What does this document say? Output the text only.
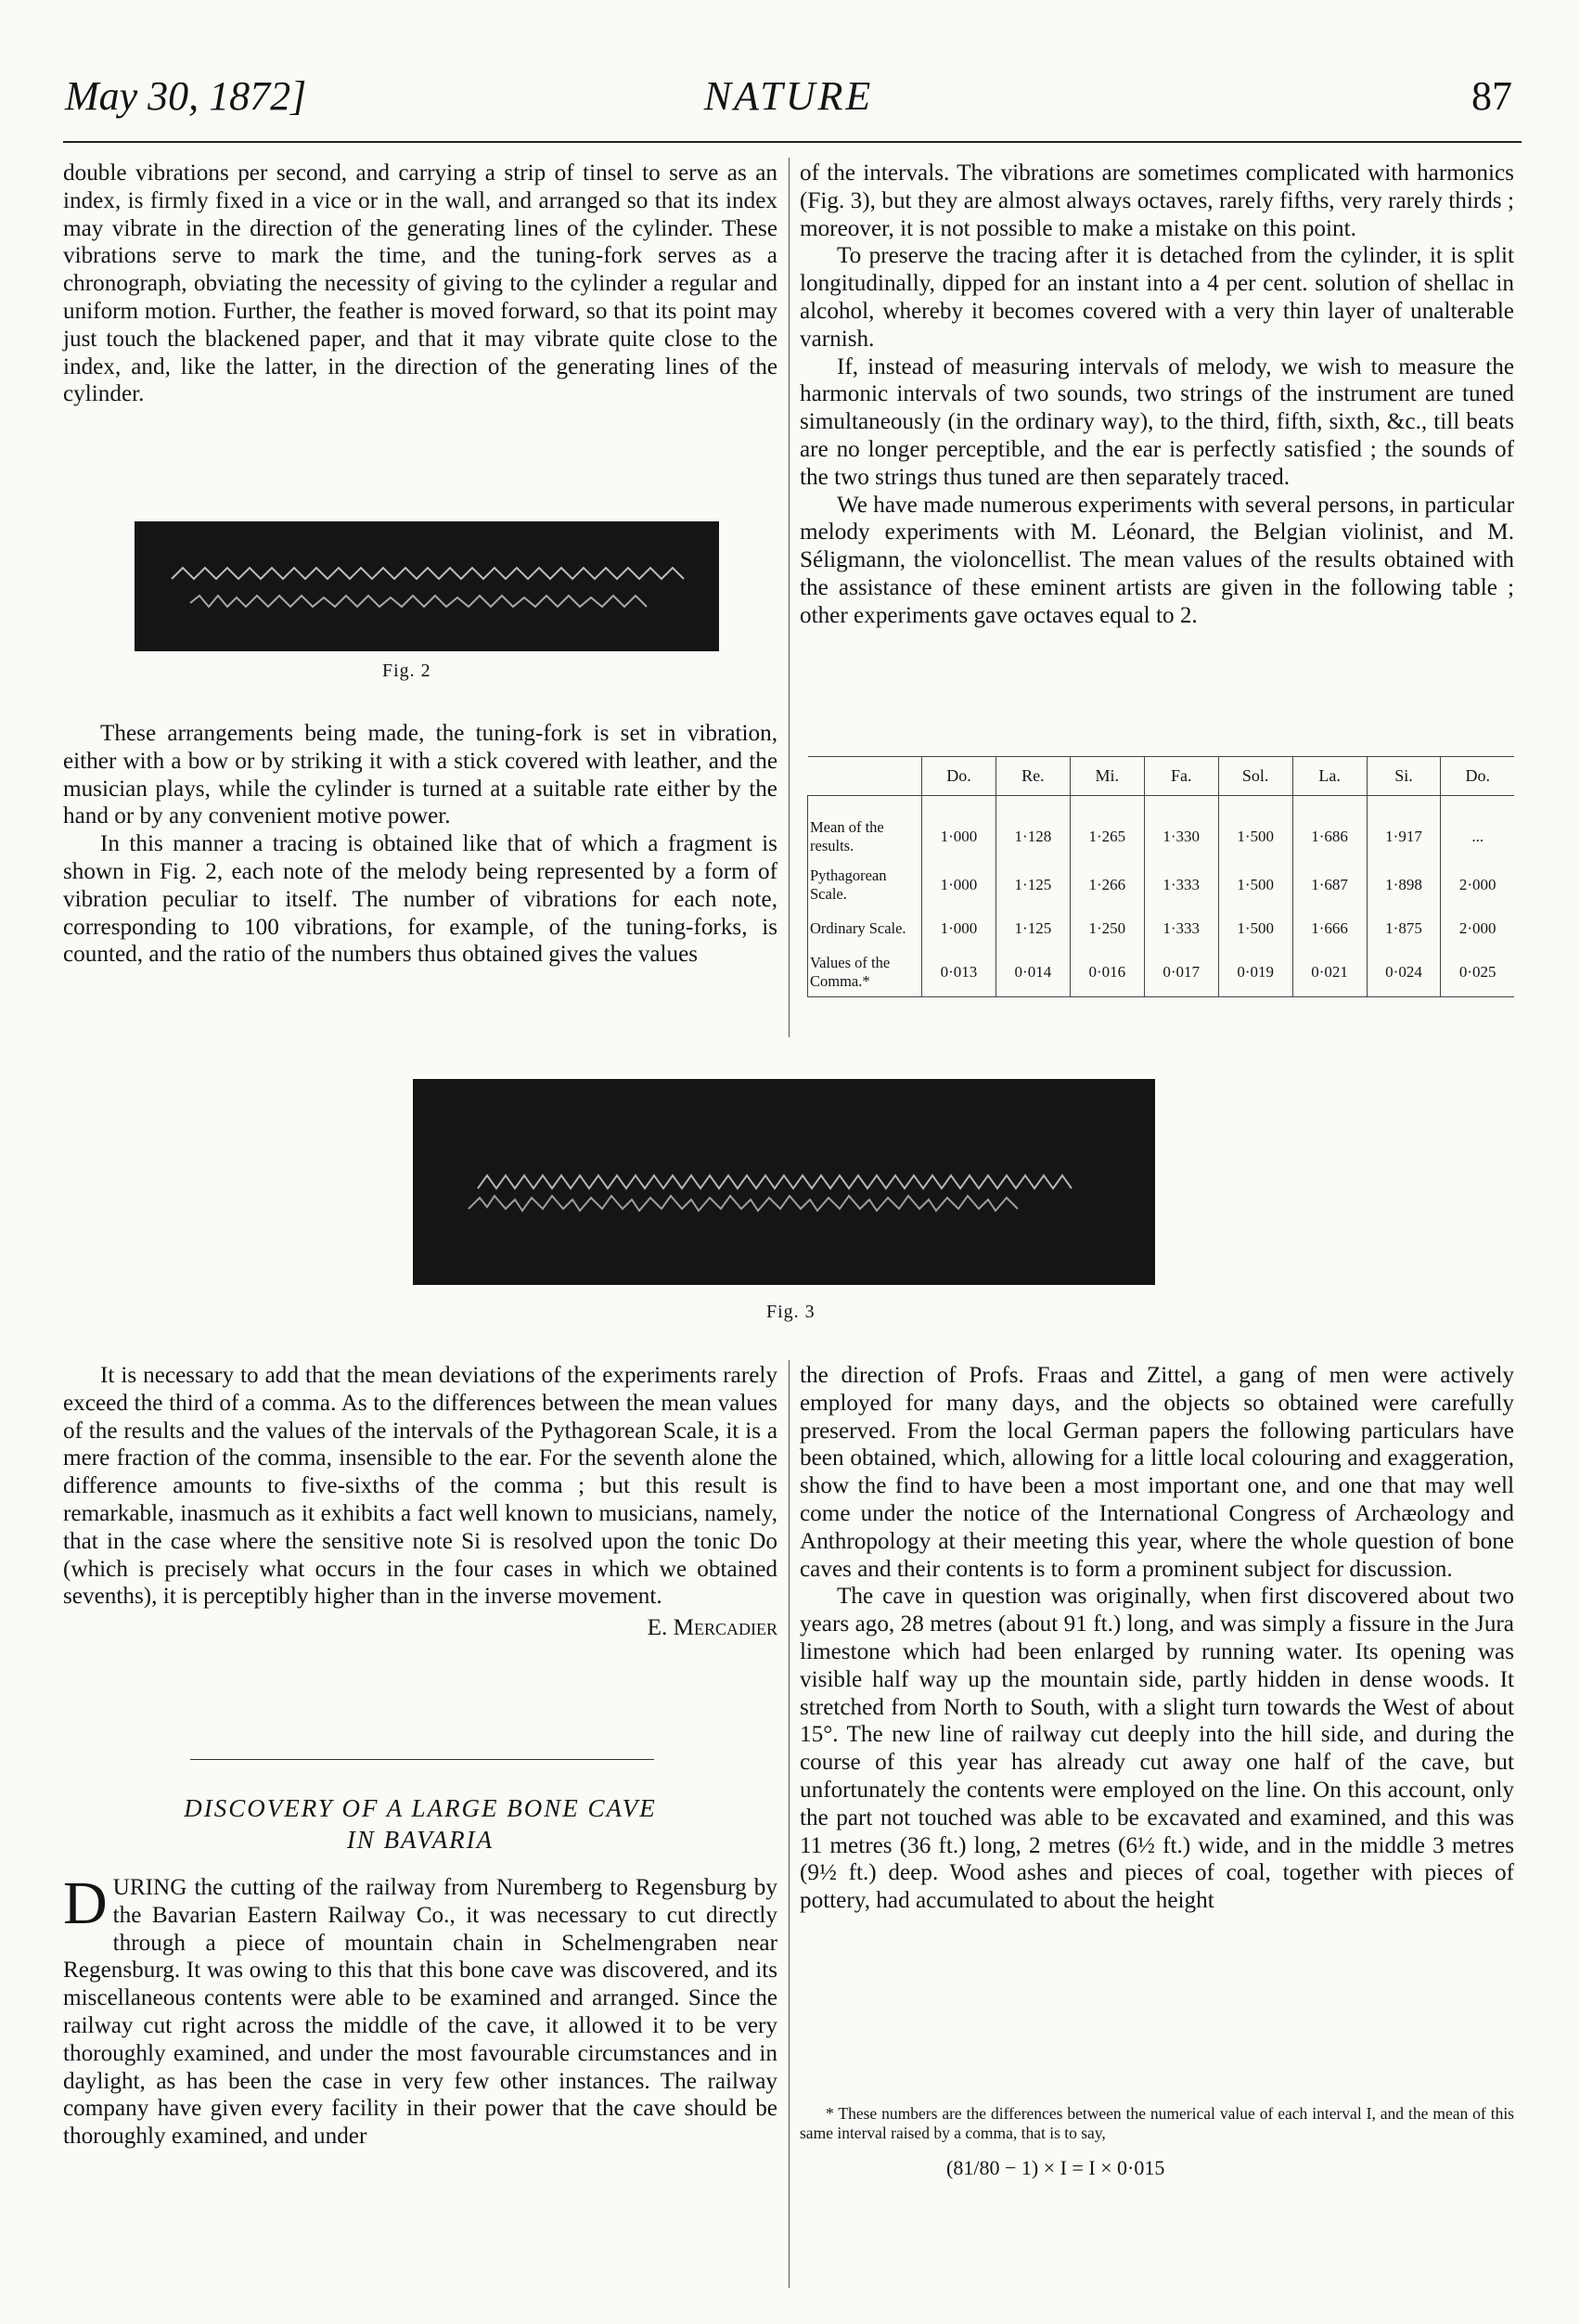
May 30, 1872]	NATURE	87

double vibrations per second, and carrying a strip of tinsel to serve as an index, is firmly fixed in a vice or in the wall, and arranged so that its index may vibrate in the direction of the generating lines of the cylinder. These vibrations serve to mark the time, and the tuning-fork serves as a chronograph, obviating the necessity of giving to the cylinder a regular and uniform motion. Further, the feather is moved forward, so that its point may just touch the blackened paper, and that it may vibrate quite close to the index, and, like the latter, in the direction of the generating lines of the cylinder.

Fig. 2

These arrangements being made, the tuning-fork is set in vibration, either with a bow or by striking it with a stick covered with leather, and the musician plays, while the cylinder is turned at a suitable rate either by the hand or by any convenient motive power.

In this manner a tracing is obtained like that of which a fragment is shown in Fig. 2, each note of the melody being represented by a form of vibration peculiar to itself. The number of vibrations for each note, corresponding to 100 vibrations, for example, of the tuning-forks, is counted, and the ratio of the numbers thus obtained gives the values

of the intervals. The vibrations are sometimes complicated with harmonics (Fig. 3), but they are almost always octaves, rarely fifths, very rarely thirds ; moreover, it is not possible to make a mistake on this point.

To preserve the tracing after it is detached from the cylinder, it is split longitudinally, dipped for an instant into a 4 per cent. solution of shellac in alcohol, whereby it becomes covered with a very thin layer of unalterable varnish.

If, instead of measuring intervals of melody, we wish to measure the harmonic intervals of two sounds, two strings of the instrument are tuned simultaneously (in the ordinary way), to the third, fifth, sixth, &c., till beats are no longer perceptible, and the ear is perfectly satisfied ; the sounds of the two strings thus tuned are then separately traced.

We have made numerous experiments with several persons, in particular melody experiments with M. Léonard, the Belgian violinist, and M. Séligmann, the violoncellist. The mean values of the results obtained with the assistance of these eminent artists are given in the following table ; other experiments gave octaves equal to 2.

	Do.	Re.	Mi.	Fa.	Sol.	La.	Si.	Do.
Mean of the results.	1·000	1·128	1·265	1·330	1·500	1·686	1·917	...
Pythagorean Scale.	1·000	1·125	1·266	1·333	1·500	1·687	1·898	2·000
Ordinary Scale.	1·000	1·125	1·250	1·333	1·500	1·666	1·875	2·000
Values of the Comma.*	0·013	0·014	0·016	0·017	0·019	0·021	0·024	0·025
Fig. 3

It is necessary to add that the mean deviations of the experiments rarely exceed the third of a comma. As to the differences between the mean values of the results and the values of the intervals of the Pythagorean Scale, it is a mere fraction of the comma, insensible to the ear. For the seventh alone the difference amounts to five-sixths of the comma ; but this result is remarkable, inasmuch as it exhibits a fact well known to musicians, namely, that in the case where the sensitive note Si is resolved upon the tonic Do (which is precisely what occurs in the four cases in which we obtained sevenths), it is perceptibly higher than in the inverse movement.

E. Mercadier

DISCOVERY OF A LARGE BONE CAVE
IN BAVARIA

DURING the cutting of the railway from Nuremberg to Regensburg by the Bavarian Eastern Railway Co., it was necessary to cut directly through a piece of mountain chain in Schelmengraben near Regensburg. It was owing to this that this bone cave was discovered, and its miscellaneous contents were able to be examined and arranged. Since the railway cut right across the middle of the cave, it allowed it to be very thoroughly examined, and under the most favourable circumstances and in daylight, as has been the case in very few other instances. The railway company have given every facility in their power that the cave should be thoroughly examined, and under

the direction of Profs. Fraas and Zittel, a gang of men were actively employed for many days, and the objects so obtained were carefully preserved. From the local German papers the following particulars have been obtained, which, allowing for a little local colouring and exaggeration, show the find to have been a most important one, and one that may well come under the notice of the International Congress of Archæology and Anthropology at their meeting this year, where the whole question of bone caves and their contents is to form a prominent subject for discussion.

The cave in question was originally, when first discovered about two years ago, 28 metres (about 91 ft.) long, and was simply a fissure in the Jura limestone which had been enlarged by running water. Its opening was visible half way up the mountain side, partly hidden in dense woods. It stretched from North to South, with a slight turn towards the West of about 15°. The new line of railway cut deeply into the hill side, and during the course of this year has already cut away one half of the cave, but unfortunately the contents were employed on the line. On this account, only the part not touched was able to be excavated and examined, and this was 11 metres (36 ft.) long, 2 metres (6½ ft.) wide, and in the middle 3 metres (9½ ft.) deep. Wood ashes and pieces of coal, together with pieces of pottery, had accumulated to about the height

* These numbers are the differences between the numerical value of each interval I, and the mean of this same interval raised by a comma, that is to say,

(81/80 − 1) × I = I × 0·015
